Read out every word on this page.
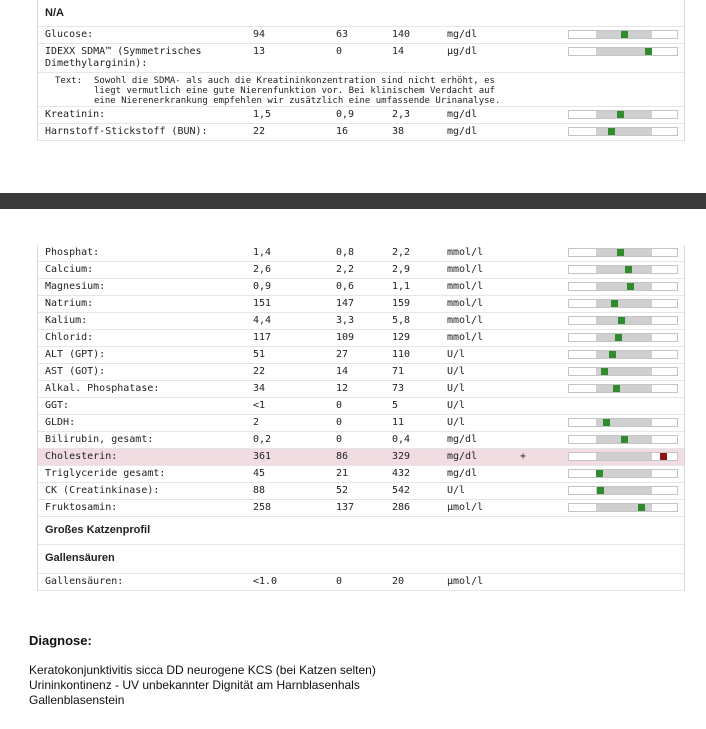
N/A
Glucose:	94	63	140	mg/dl
IDEXX SDMA™ (Symmetrisches
Dimethylarginin):
13	0	14	µg/dl
Text: Sowohl die SDMA- als auch die Kreatininkonzentration sind nicht erhöht, es
liegt vermutlich eine gute Nierenfunktion vor. Bei klinischem Verdacht auf
eine Nierenerkrankung empfehlen wir zusätzlich eine umfassende Urinanalyse.
Kreatinin:	1,5	0,9	2,3	mg/dl
Harnstoff-Stickstoff (BUN):	22	16	38	mg/dl
Phosphat:	1,4	0,8	2,2	mmol/l
Calcium:	2,6	2,2	2,9	mmol/l
Magnesium:	0,9	0,6	1,1	mmol/l
Natrium:	151	147	159	mmol/l
Kalium:	4,4	3,3	5,8	mmol/l
Chlorid:	117	109	129	mmol/l
ALT (GPT):	51	27	110	U/l
AST (GOT):	22	14	71	U/l
Alkal. Phosphatase:	34	12	73	U/l
GGT:	<1	0	5	U/l
GLDH:	2	0	11	U/l
Bilirubin, gesamt:	0,2	0	0,4	mg/dl
Cholesterin:	361	86	329	mg/dl	+
Triglyceride gesamt:	45	21	432	mg/dl
CK (Creatinkinase):	88	52	542	U/l
Fruktosamin:	258	137	286	µmol/l
Großes Katzenprofil
Gallensäuren
Gallensäuren:	<1.0	0	20	µmol/l
Diagnose:
Keratokonjunktivitis sicca DD neurogene KCS (bei Katzen selten)
Urininkontinenz - UV unbekannter Dignität am Harnblasenhals
Gallenblasenstein
